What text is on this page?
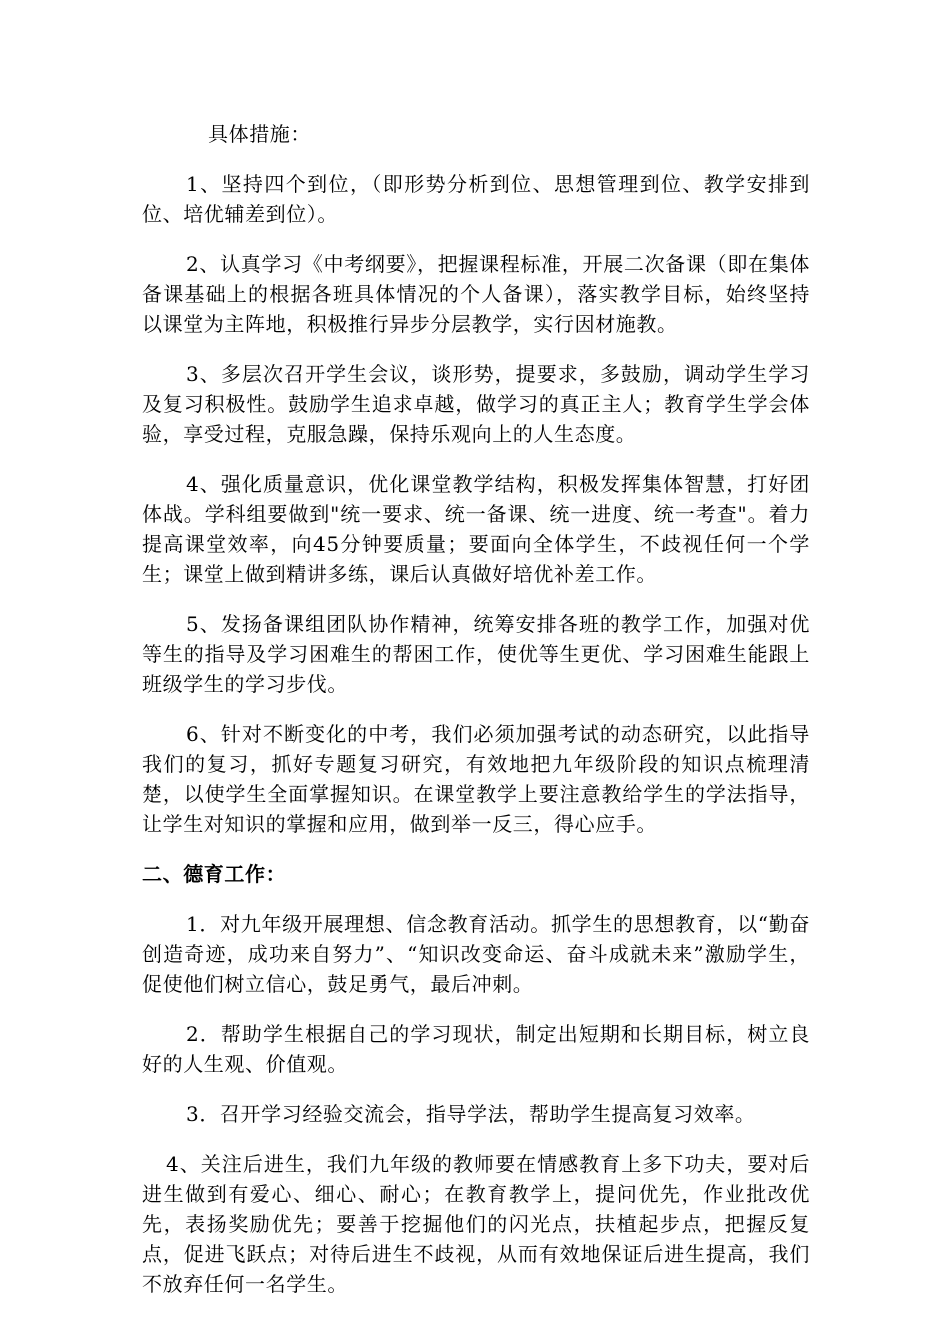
具体措施：

1、坚持四个到位，（即形势分析到位、思想管理到位、教学安排到位、培优辅差到位）。

2、认真学习《中考纲要》，把握课程标准，开展二次备课（即在集体备课基础上的根据各班具体情况的个人备课），落实教学目标，始终坚持以课堂为主阵地，积极推行异步分层教学，实行因材施教。

3、多层次召开学生会议，谈形势，提要求，多鼓励，调动学生学习及复习积极性。鼓励学生追求卓越，做学习的真正主人；教育学生学会体验，享受过程，克服急躁，保持乐观向上的人生态度。

4、强化质量意识，优化课堂教学结构，积极发挥集体智慧，打好团体战。学科组要做到"统一要求、统一备课、统一进度、统一考查"。着力提高课堂效率，向45分钟要质量；要面向全体学生，不歧视任何一个学生；课堂上做到精讲多练，课后认真做好培优补差工作。

5、发扬备课组团队协作精神，统筹安排各班的教学工作，加强对优等生的指导及学习困难生的帮困工作，使优等生更优、学习困难生能跟上班级学生的学习步伐。

6、针对不断变化的中考，我们必须加强考试的动态研究，以此指导我们的复习，抓好专题复习研究，有效地把九年级阶段的知识点梳理清楚，以使学生全面掌握知识。在课堂教学上要注意教给学生的学法指导，让学生对知识的掌握和应用，做到举一反三，得心应手。

二、德育工作：

1．对九年级开展理想、信念教育活动。抓学生的思想教育，以“勤奋创造奇迹，成功来自努力”、“知识改变命运、奋斗成就未来”激励学生，促使他们树立信心，鼓足勇气，最后冲刺。

2．帮助学生根据自己的学习现状，制定出短期和长期目标，树立良好的人生观、价值观。

3．召开学习经验交流会，指导学法，帮助学生提高复习效率。

4、关注后进生，我们九年级的教师要在情感教育上多下功夫，要对后进生做到有爱心、细心、耐心；在教育教学上，提问优先，作业批改优先，表扬奖励优先；要善于挖掘他们的闪光点，扶植起步点，把握反复点，促进飞跃点；对待后进生不歧视，从而有效地保证后进生提高，我们不放弃任何一名学生。
